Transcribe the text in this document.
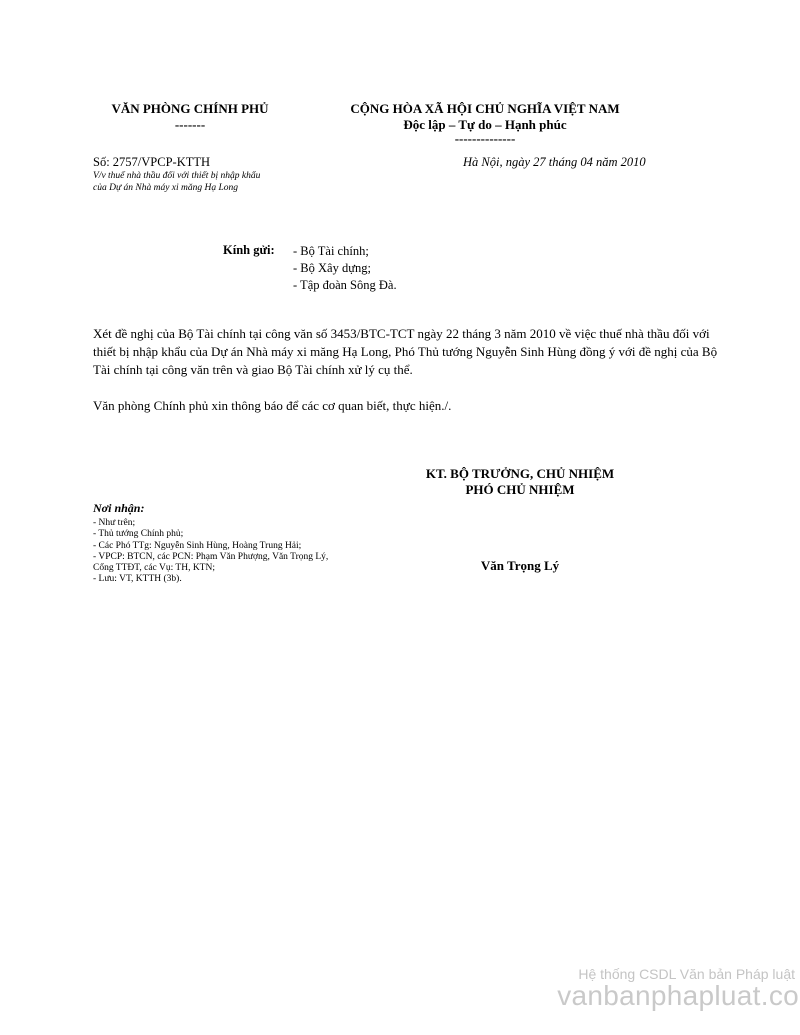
VĂN PHÒNG CHÍNH PHỦ
-------
CỘNG HÒA XÃ HỘI CHỦ NGHĨA VIỆT NAM
Độc lập – Tự do – Hạnh phúc
--------------
Số: 2757/VPCP-KTTH
V/v thuế nhà thầu đối với thiết bị nhập khẩu
của Dự án Nhà máy xi măng Hạ Long
Hà Nội, ngày 27 tháng 04 năm 2010
Kính gửi: - Bộ Tài chính;
- Bộ Xây dựng;
- Tập đoàn Sông Đà.

Xét đề nghị của Bộ Tài chính tại công văn số 3453/BTC-TCT ngày 22 tháng 3 năm 2010 về việc thuế nhà thầu đối với thiết bị nhập khẩu của Dự án Nhà máy xi măng Hạ Long, Phó Thủ tướng Nguyễn Sinh Hùng đồng ý với đề nghị của Bộ Tài chính tại công văn trên và giao Bộ Tài chính xử lý cụ thể.

Văn phòng Chính phủ xin thông báo để các cơ quan biết, thực hiện./.

KT. BỘ TRƯỞNG, CHỦ NHIỆM
PHÓ CHỦ NHIỆM
Văn Trọng Lý
Nơi nhận:
- Như trên;
- Thủ tướng Chính phủ;
- Các Phó TTg: Nguyễn Sinh Hùng, Hoàng Trung Hải;
- VPCP: BTCN, các PCN: Phạm Văn Phượng, Văn Trọng Lý,
Cổng TTĐT, các Vụ: TH, KTN;
- Lưu: VT, KTTH (3b).
Hệ thống CSDL Văn bản Pháp luật
vanbanphapluat.co
